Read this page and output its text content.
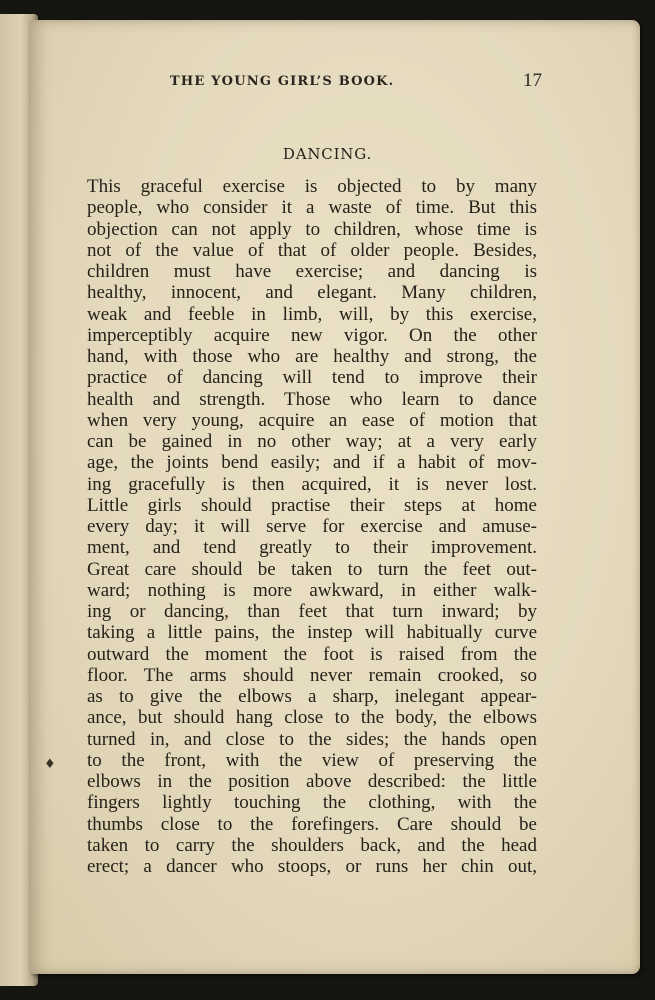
THE YOUNG GIRL’S BOOK.	17
DANCING.
♦
This graceful exercise is objected to by many
people, who consider it a waste of time. But this
objection can not apply to children, whose time is
not of the value of that of older people. Besides,
children must have exercise; and dancing is
healthy, innocent, and elegant. Many children,
weak and feeble in limb, will, by this exercise,
imperceptibly acquire new vigor. On the other
hand, with those who are healthy and strong, the
practice of dancing will tend to improve their
health and strength. Those who learn to dance
when very young, acquire an ease of motion that
can be gained in no other way; at a very early
age, the joints bend easily; and if a habit of mov-
ing gracefully is then acquired, it is never lost.
Little girls should practise their steps at home
every day; it will serve for exercise and amuse-
ment, and tend greatly to their improvement.
Great care should be taken to turn the feet out-
ward; nothing is more awkward, in either walk-
ing or dancing, than feet that turn inward; by
taking a little pains, the instep will habitually curve
outward the moment the foot is raised from the
floor. The arms should never remain crooked, so
as to give the elbows a sharp, inelegant appear-
ance, but should hang close to the body, the elbows
turned in, and close to the sides; the hands open
to the front, with the view of preserving the
elbows in the position above described: the little
fingers lightly touching the clothing, with the
thumbs close to the forefingers. Care should be
taken to carry the shoulders back, and the head
erect; a dancer who stoops, or runs her chin out,
